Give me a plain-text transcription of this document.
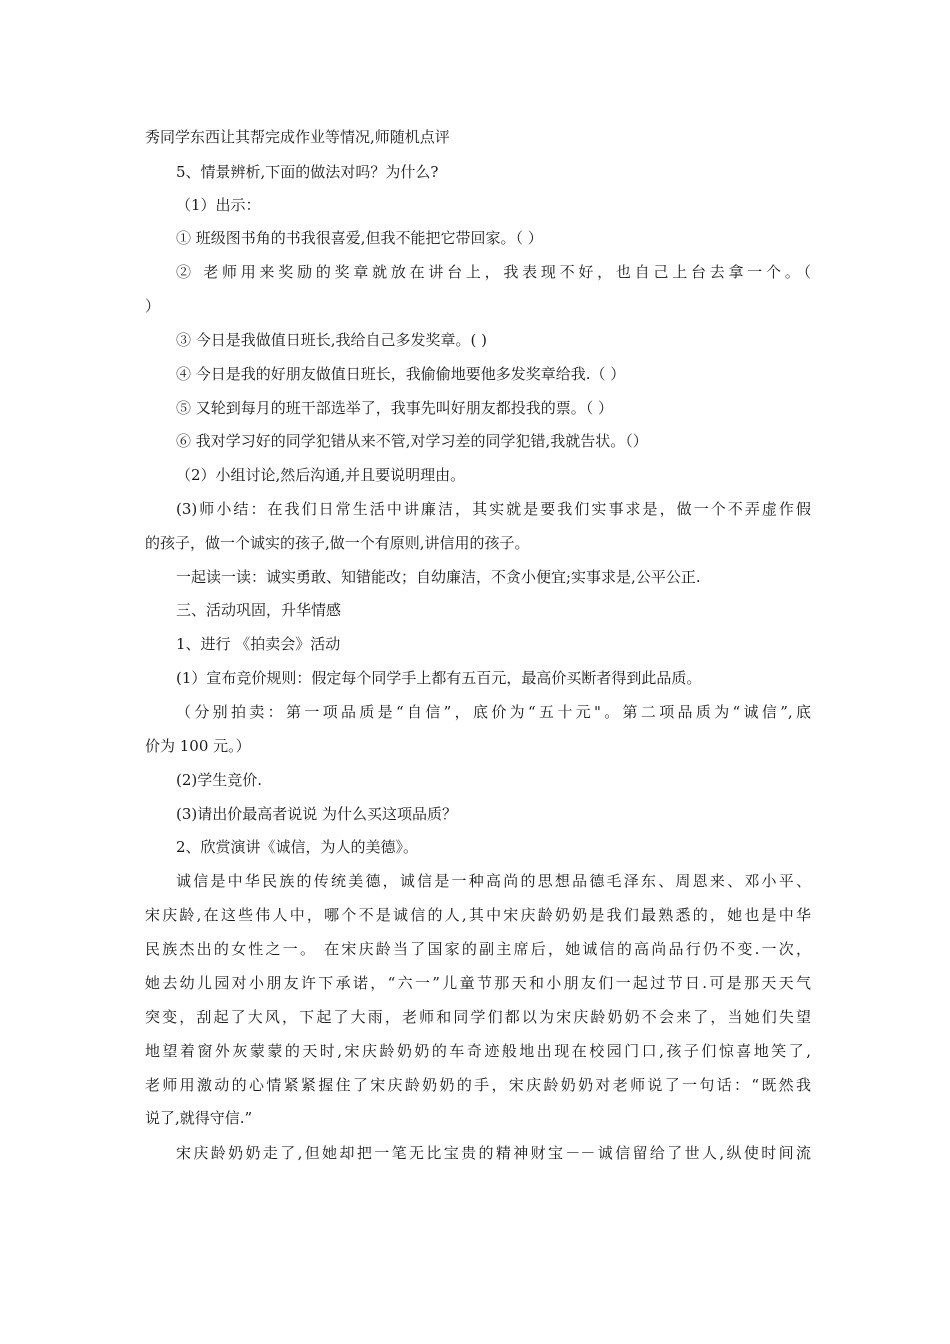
秀同学东西让其帮完成作业等情况,师随机点评
5、情景辨析,下面的做法对吗？为什么?
（1）出示：
① 班级图书角的书我很喜爱,但我不能把它带回家。（ ）
② 老师用来奖励的奖章就放在讲台上，我表现不好，也自己上台去拿一个。（
）
③ 今日是我做值日班长,我给自己多发奖章。( )
④ 今日是我的好朋友做值日班长，我偷偷地要他多发奖章给我.（ ）
⑤ 又轮到每月的班干部选举了，我事先叫好朋友都投我的票。（ ）
⑥ 我对学习好的同学犯错从来不管,对学习差的同学犯错,我就告状。（）
（2）小组讨论,然后沟通,并且要说明理由。
(3)师小结：在我们日常生活中讲廉洁，其实就是要我们实事求是，做一个不弄虚作假
的孩子，做一个诚实的孩子,做一个有原则,讲信用的孩子。
一起读一读：诚实勇敢、知错能改；自幼廉洁，不贪小便宜;实事求是,公平公正.
三、活动巩固，升华情感
1、进行 《拍卖会》活动
(1）宣布竞价规则：假定每个同学手上都有五百元，最高价买断者得到此品质。
（分别拍卖：第一项品质是“自信”，底价为“五十元"。第二项品质为“诚信”,底
价为 100 元。）
(2)学生竞价.
(3)请出价最高者说说 为什么买这项品质？
2、欣赏演讲《诚信，为人的美德》。
诚信是中华民族的传统美德，诚信是一种高尚的思想品德毛泽东、周恩来、邓小平、
宋庆龄,在这些伟人中，哪个不是诚信的人,其中宋庆龄奶奶是我们最熟悉的，她也是中华
民族杰出的女性之一。 在宋庆龄当了国家的副主席后，她诚信的高尚品行仍不变.一次，
她去幼儿园对小朋友许下承诺，“六一”儿童节那天和小朋友们一起过节日.可是那天天气
突变，刮起了大风，下起了大雨，老师和同学们都以为宋庆龄奶奶不会来了，当她们失望
地望着窗外灰蒙蒙的天时,宋庆龄奶奶的车奇迹般地出现在校园门口,孩子们惊喜地笑了,
老师用激动的心情紧紧握住了宋庆龄奶奶的手，宋庆龄奶奶对老师说了一句话：“既然我
说了,就得守信.”
宋庆龄奶奶走了,但她却把一笔无比宝贵的精神财宝－－诚信留给了世人,纵使时间流
